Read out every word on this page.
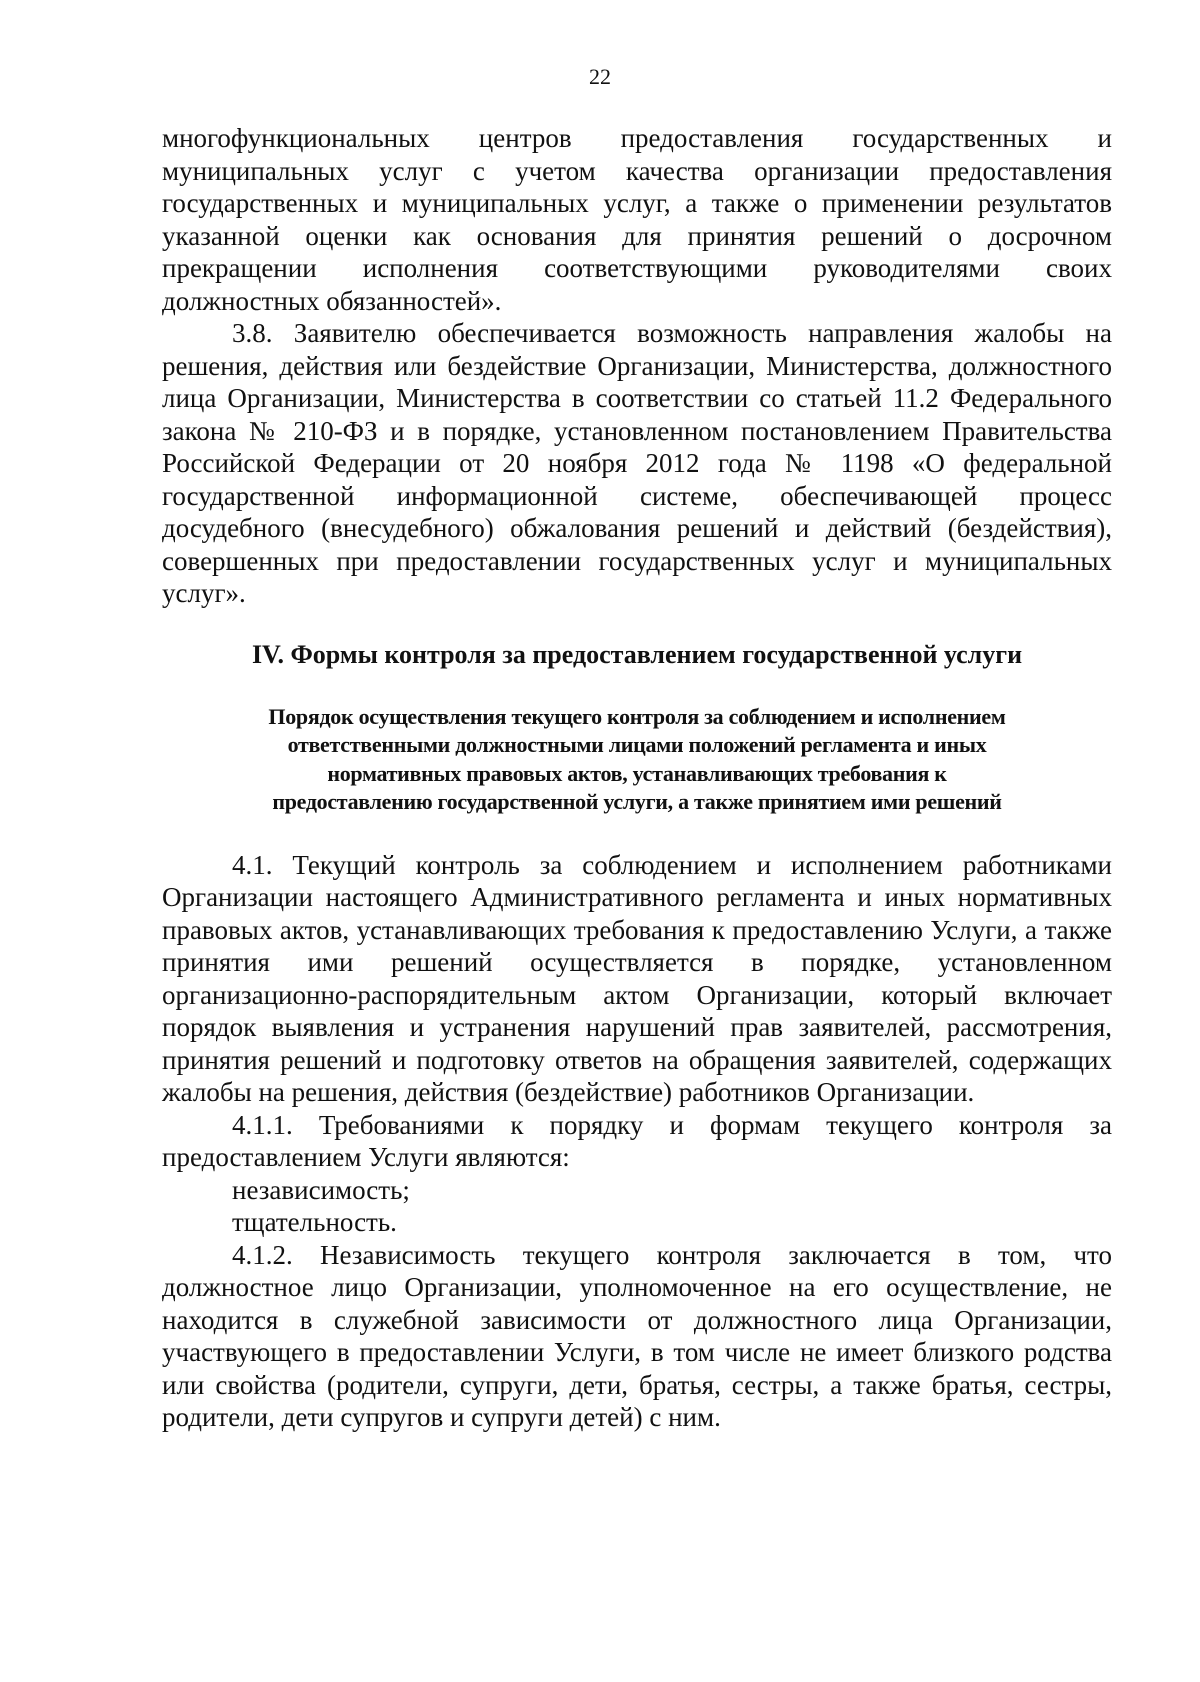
22

многофункциональных центров предоставления государственных и муниципальных услуг с учетом качества организации предоставления государственных и муниципальных услуг, а также о применении результатов указанной оценки как основания для принятия решений о досрочном прекращении исполнения соответствующими руководителями своих должностных обязанностей».

3.8. Заявителю обеспечивается возможность направления жалобы на решения, действия или бездействие Организации, Министерства, должностного лица Организации, Министерства в соответствии со статьей 11.2 Федерального закона № 210-ФЗ и в порядке, установленном постановлением Правительства Российской Федерации от 20 ноября 2012 года № 1198 «О федеральной государственной информационной системе, обеспечивающей процесс досудебного (внесудебного) обжалования решений и действий (бездействия), совершенных при предоставлении государственных услуг и муниципальных услуг».

IV. Формы контроля за предоставлением государственной услуги

Порядок осуществления текущего контроля за соблюдением и исполнением

ответственными должностными лицами положений регламента и иных

нормативных правовых актов, устанавливающих требования к

предоставлению государственной услуги, а также принятием ими решений

4.1. Текущий контроль за соблюдением и исполнением работниками Организации настоящего Административного регламента и иных нормативных правовых актов, устанавливающих требования к предоставлению Услуги, а также принятия ими решений осуществляется в порядке, установленном организационно-распорядительным актом Организации, который включает порядок выявления и устранения нарушений прав заявителей, рассмотрения, принятия решений и подготовку ответов на обращения заявителей, содержащих жалобы на решения, действия (бездействие) работников Организации.

4.1.1. Требованиями к порядку и формам текущего контроля за предоставлением Услуги являются:

независимость;

тщательность.

4.1.2. Независимость текущего контроля заключается в том, что должностное лицо Организации, уполномоченное на его осуществление, не находится в служебной зависимости от должностного лица Организации, участвующего в предоставлении Услуги, в том числе не имеет близкого родства или свойства (родители, супруги, дети, братья, сестры, а также братья, сестры, родители, дети супругов и супруги детей) с ним.
